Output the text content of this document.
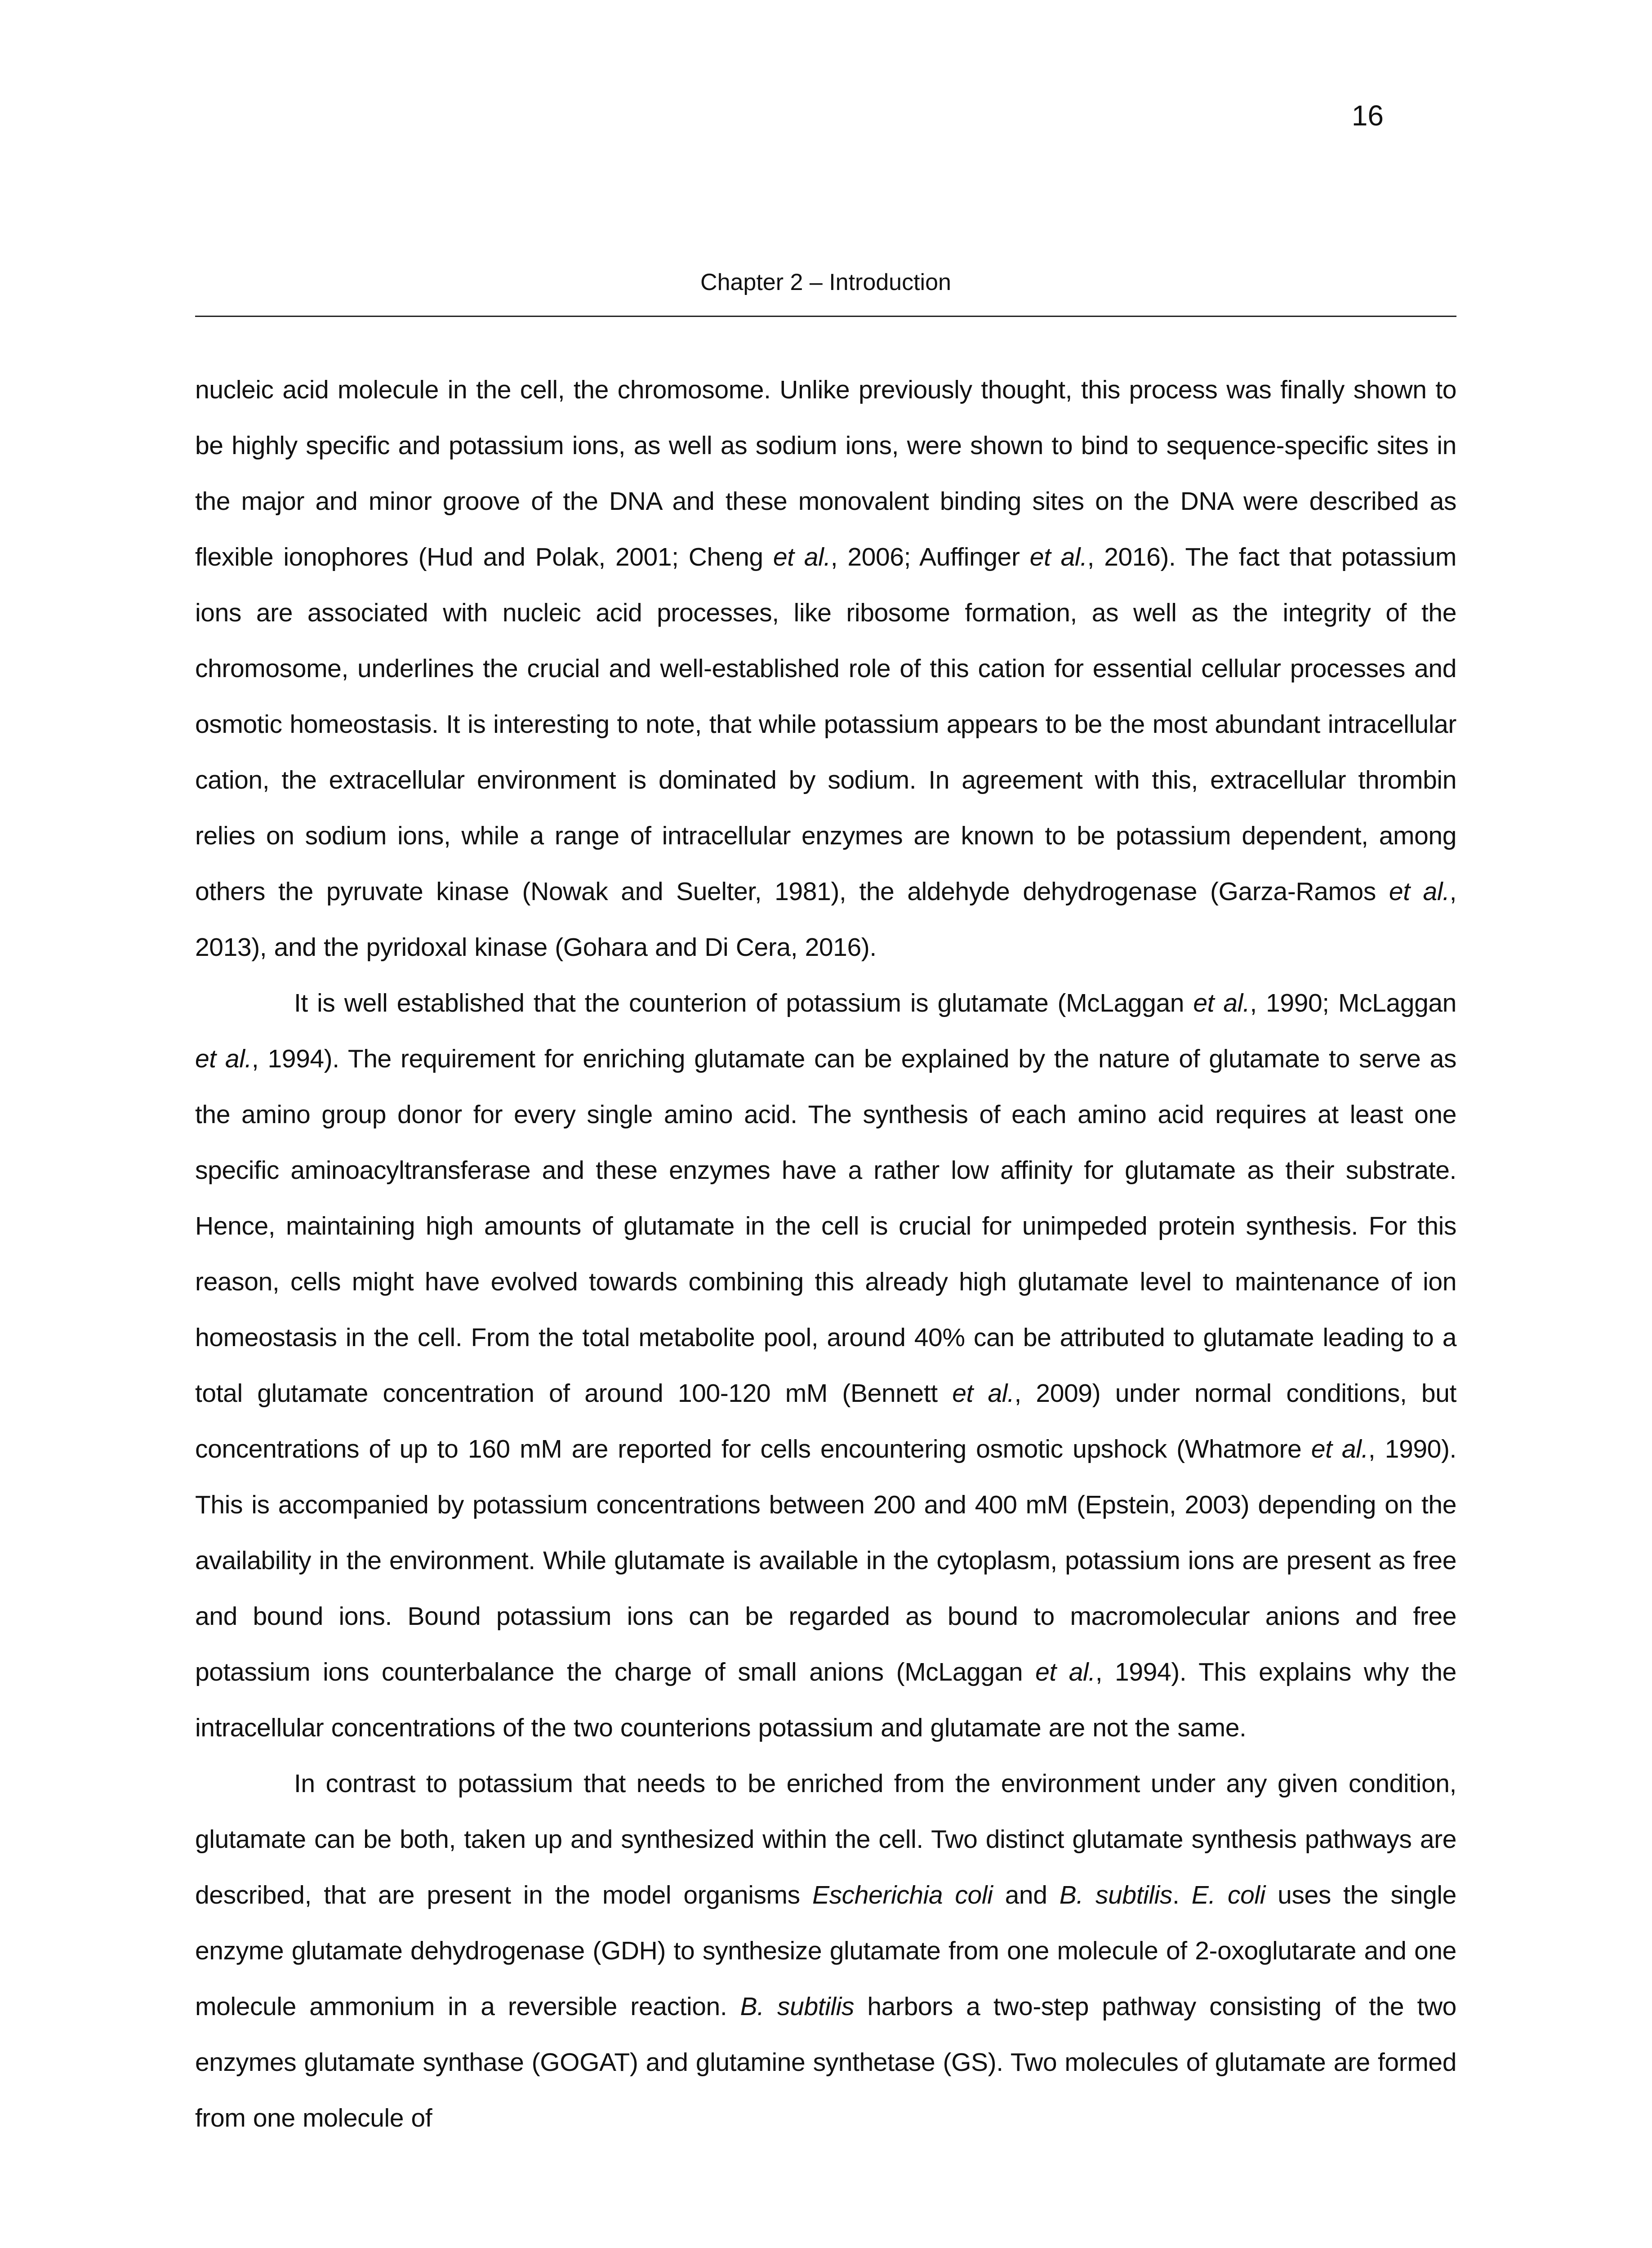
16
Chapter 2 – Introduction

nucleic acid molecule in the cell, the chromosome. Unlike previously thought, this process was finally shown to be highly specific and potassium ions, as well as sodium ions, were shown to bind to sequence-specific sites in the major and minor groove of the DNA and these monovalent binding sites on the DNA were described as flexible ionophores (Hud and Polak, 2001; Cheng et al., 2006; Auffinger et al., 2016). The fact that potassium ions are associated with nucleic acid processes, like ribosome formation, as well as the integrity of the chromosome, underlines the crucial and well-established role of this cation for essential cellular processes and osmotic homeostasis. It is interesting to note, that while potassium appears to be the most abundant intracellular cation, the extracellular environment is dominated by sodium. In agreement with this, extracellular thrombin relies on sodium ions, while a range of intracellular enzymes are known to be potassium dependent, among others the pyruvate kinase (Nowak and Suelter, 1981), the aldehyde dehydrogenase (Garza-Ramos et al., 2013), and the pyridoxal kinase (Gohara and Di Cera, 2016).

It is well established that the counterion of potassium is glutamate (McLaggan et al., 1990; McLaggan et al., 1994). The requirement for enriching glutamate can be explained by the nature of glutamate to serve as the amino group donor for every single amino acid. The synthesis of each amino acid requires at least one specific aminoacyltransferase and these enzymes have a rather low affinity for glutamate as their substrate. Hence, maintaining high amounts of glutamate in the cell is crucial for unimpeded protein synthesis. For this reason, cells might have evolved towards combining this already high glutamate level to maintenance of ion homeostasis in the cell. From the total metabolite pool, around 40% can be attributed to glutamate leading to a total glutamate concentration of around 100-120 mM (Bennett et al., 2009) under normal conditions, but concentrations of up to 160 mM are reported for cells encountering osmotic upshock (Whatmore et al., 1990). This is accompanied by potassium concentrations between 200 and 400 mM (Epstein, 2003) depending on the availability in the environment. While glutamate is available in the cytoplasm, potassium ions are present as free and bound ions. Bound potassium ions can be regarded as bound to macromolecular anions and free potassium ions counterbalance the charge of small anions (McLaggan et al., 1994). This explains why the intracellular concentrations of the two counterions potassium and glutamate are not the same.

In contrast to potassium that needs to be enriched from the environment under any given condition, glutamate can be both, taken up and synthesized within the cell. Two distinct glutamate synthesis pathways are described, that are present in the model organisms Escherichia coli and B. subtilis. E. coli uses the single enzyme glutamate dehydrogenase (GDH) to synthesize glutamate from one molecule of 2-oxoglutarate and one molecule ammonium in a reversible reaction. B. subtilis harbors a two-step pathway consisting of the two enzymes glutamate synthase (GOGAT) and glutamine synthetase (GS). Two molecules of glutamate are formed from one molecule of
